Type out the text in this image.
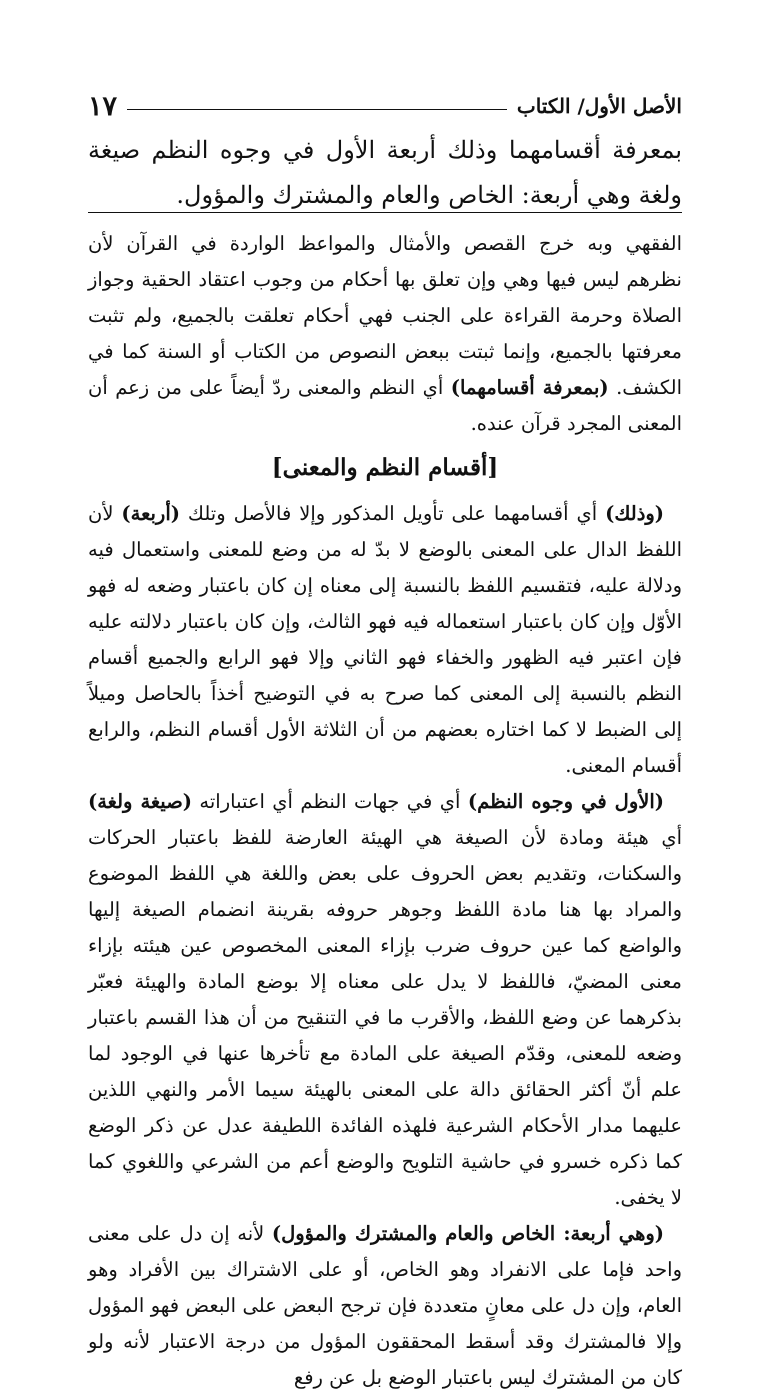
١٧	الأصل الأول/ الكتاب
بمعرفة أقسامهما وذلك أربعة الأول في وجوه النظم صيغة ولغة وهي أربعة: الخاص والعام والمشترك والمؤول.

الفقهي وبه خرج القصص والأمثال والمواعظ الواردة في القرآن لأن نظرهم ليس فيها وهي وإن تعلق بها أحكام من وجوب اعتقاد الحقية وجواز الصلاة وحرمة القراءة على الجنب فهي أحكام تعلقت بالجميع، ولم تثبت معرفتها بالجميع، وإنما ثبتت ببعض النصوص من الكتاب أو السنة كما في الكشف. (بمعرفة أقسامهما) أي النظم والمعنى ردّ أيضاً على من زعم أن المعنى المجرد قرآن عنده.

[أقسام النظم والمعنى]

(وذلك) أي أقسامهما على تأويل المذكور وإلا فالأصل وتلك (أربعة) لأن اللفظ الدال على المعنى بالوضع لا بدّ له من وضع للمعنى واستعمال فيه ودلالة عليه، فتقسيم اللفظ بالنسبة إلى معناه إن كان باعتبار وضعه له فهو الأوّل وإن كان باعتبار استعماله فيه فهو الثالث، وإن كان باعتبار دلالته عليه فإن اعتبر فيه الظهور والخفاء فهو الثاني وإلا فهو الرابع والجميع أقسام النظم بالنسبة إلى المعنى كما صرح به في التوضيح أخذاً بالحاصل وميلاً إلى الضبط لا كما اختاره بعضهم من أن الثلاثة الأول أقسام النظم، والرابع أقسام المعنى.

(الأول في وجوه النظم) أي في جهات النظم أي اعتباراته (صيغة ولغة) أي هيئة ومادة لأن الصيغة هي الهيئة العارضة للفظ باعتبار الحركات والسكنات، وتقديم بعض الحروف على بعض واللغة هي اللفظ الموضوع والمراد بها هنا مادة اللفظ وجوهر حروفه بقرينة انضمام الصيغة إليها والواضع كما عين حروف ضرب بإزاء المعنى المخصوص عين هيئته بإزاء معنى المضيّ، فاللفظ لا يدل على معناه إلا بوضع المادة والهيئة فعبّر بذكرهما عن وضع اللفظ، والأقرب ما في التنقيح من أن هذا القسم باعتبار وضعه للمعنى، وقدّم الصيغة على المادة مع تأخرها عنها في الوجود لما علم أنّ أكثر الحقائق دالة على المعنى بالهيئة سيما الأمر والنهي اللذين عليهما مدار الأحكام الشرعية فلهذه الفائدة اللطيفة عدل عن ذكر الوضع كما ذكره خسرو في حاشية التلويح والوضع أعم من الشرعي واللغوي كما لا يخفى.

(وهي أربعة: الخاص والعام والمشترك والمؤول) لأنه إن دل على معنى واحد فإما على الانفراد وهو الخاص، أو على الاشتراك بين الأفراد وهو العام، وإن دل على معانٍ متعددة فإن ترجح البعض على البعض فهو المؤول وإلا فالمشترك وقد أسقط المحققون المؤول من درجة الاعتبار لأنه ولو كان من المشترك ليس باعتبار الوضع بل عن رفع
